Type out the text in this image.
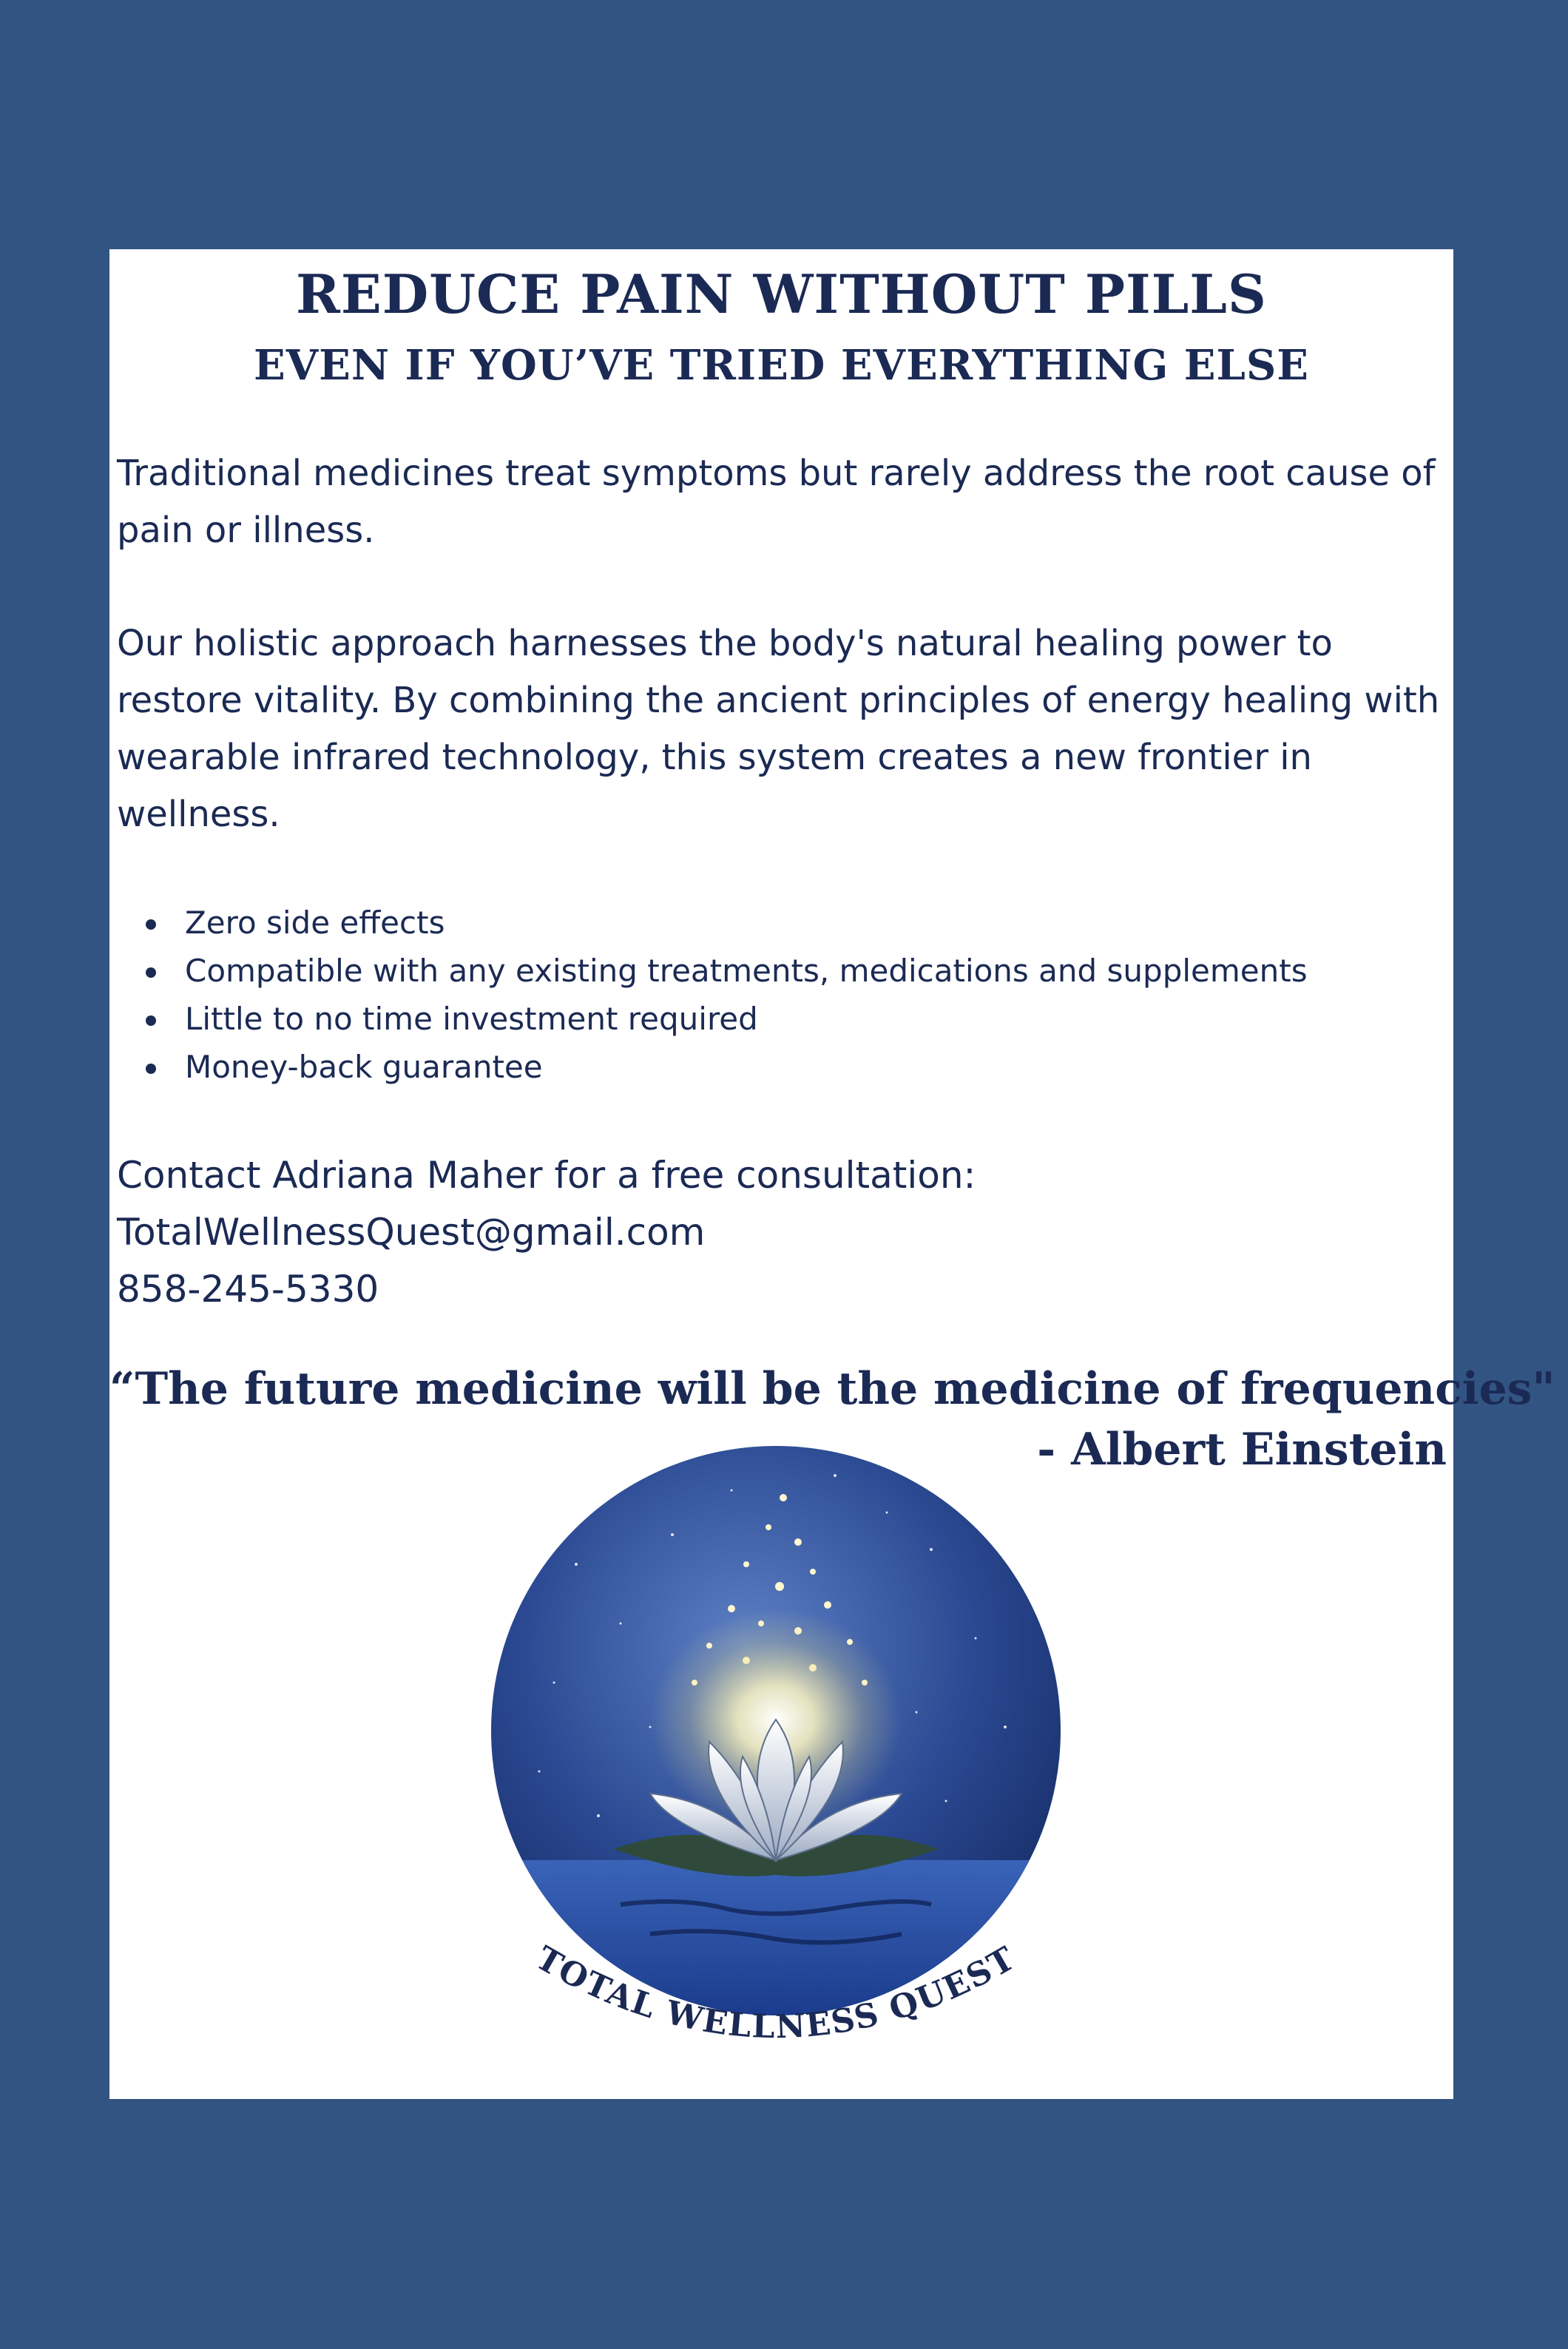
REDUCE PAIN WITHOUT PILLS
EVEN IF YOU’VE TRIED EVERYTHING ELSE

Traditional medicines treat symptoms but rarely address the root cause of pain or illness.

Our holistic approach harnesses the body's natural healing power to restore vitality. By combining the ancient principles of energy healing with wearable infrared technology, this system creates a new frontier in wellness.

Zero side effects
Compatible with any existing treatments, medications and supplements
Little to no time investment required
Money-back guarantee
Contact Adriana Maher for a free consultation:
TotalWellnessQuest@gmail.com
858-245-5330
“The future medicine will be the medicine of frequencies"
- Albert Einstein
TOTAL WELLNESS QUEST
